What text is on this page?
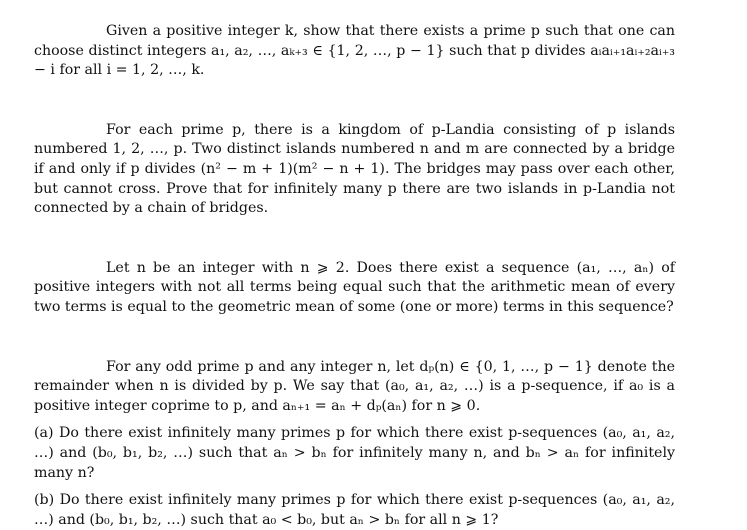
Given a positive integer k, show that there exists a prime p such that one can choose distinct integers a₁, a₂, …, aₖ₊₃ ∈ {1, 2, …, p − 1} such that p divides aᵢaᵢ₊₁aᵢ₊₂aᵢ₊₃ − i for all i = 1, 2, …, k.

For each prime p, there is a kingdom of p-Landia consisting of p islands numbered 1, 2, …, p. Two distinct islands numbered n and m are connected by a bridge if and only if p divides (n² − m + 1)(m² − n + 1). The bridges may pass over each other, but cannot cross. Prove that for infinitely many p there are two islands in p-Landia not connected by a chain of bridges.

Let n be an integer with n ⩾ 2. Does there exist a sequence (a₁, …, aₙ) of positive integers with not all terms being equal such that the arithmetic mean of every two terms is equal to the geometric mean of some (one or more) terms in this sequence?

For any odd prime p and any integer n, let dₚ(n) ∈ {0, 1, …, p − 1} denote the remainder when n is divided by p. We say that (a₀, a₁, a₂, …) is a p-sequence, if a₀ is a positive integer coprime to p, and aₙ₊₁ = aₙ + dₚ(aₙ) for n ⩾ 0.

(a) Do there exist infinitely many primes p for which there exist p-sequences (a₀, a₁, a₂, …) and (b₀, b₁, b₂, …) such that aₙ > bₙ for infinitely many n, and bₙ > aₙ for infinitely many n?

(b) Do there exist infinitely many primes p for which there exist p-sequences (a₀, a₁, a₂, …) and (b₀, b₁, b₂, …) such that a₀ < b₀, but aₙ > bₙ for all n ⩾ 1?
